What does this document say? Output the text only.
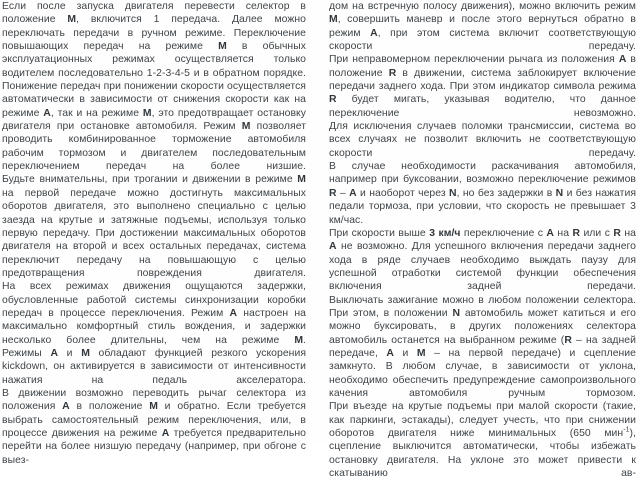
Если после запуска двигателя перевести селектор в положение M, включится 1 передача. Далее можно переключать передачи в ручном режиме. Переключение повышающих передач на режиме M в обычных эксплуатационных режимах осуществляется только водителем последовательно 1-2-3-4-5 и в обратном порядке. Понижение передач при понижении скорости осуществляется автоматически в зависимости от снижения скорости как на режиме A, так и на режиме M, это предотвращает остановку двигателя при остановке автомобиля. Режим M позволяет проводить комбинированное торможение автомобиля рабочим тормозом и двигателем последовательным переключением передач на более низшие.

Будьте внимательны, при трогании и движении в режиме M на первой передаче можно достигнуть максимальных оборотов двигателя, это выполнено специально с целью заезда на крутые и затяжные подъемы, используя только первую передачу. При достижении максимальных оборотов двигателя на второй и всех остальных передачах, система переключит передачу на повышающую с целью предотвращения повреждения двигателя.

На всех режимах движения ощущаются задержки, обусловленные работой системы синхронизации коробки передач в процессе переключения. Режим A настроен на максимально комфортный стиль вождения, и задержки несколько более длительны, чем на режиме M.

Режимы A и M обладают функцией резкого ускорения kickdown, он активируется в зависимости от интенсивности нажатия на педаль акселератора.

В движении возможно переводить рычаг селектора из положения A в положение M и обратно. Если требуется выбрать самостоятельный режим переключения, или, в процессе движения на режиме A требуется предварительно перейти на более низшую передачу (например, при обгоне с выез-

дом на встречную полосу движения), можно включить режим M, совершить маневр и после этого вернуться обратно в режим A, при этом система включит соответствующую скорости передачу.

При неправомерном переключении рычага из положения A в положение R в движении, система заблокирует включение передачи заднего хода. При этом индикатор символа режима R будет мигать, указывая водителю, что данное переключение невозможно.

Для исключения случаев поломки трансмиссии, система во всех случаях не позволит включить не соответствующую скорости передачу.

В случае необходимости раскачивания автомобиля, например при буксовании, возможно переключение режимов R – A и наоборот через N, но без задержки в N и без нажатия педали тормоза, при условии, что скорость не превышает 3 км/час.

При скорости выше 3 км/ч переключение с A на R или с R на A не возможно. Для успешного включения передачи заднего хода в ряде случаев необходимо выждать паузу для успешной отработки системой функции обеспечения включения задней передачи.

Выключать зажигание можно в любом положении селектора. При этом, в положении N автомобиль может катиться и его можно буксировать, в других положениях селектора автомобиль останется на выбранном режиме (R – на задней передаче, A и M – на первой передаче) и сцепление замкнуто. В любом случае, в зависимости от уклона, необходимо обеспечить предупреждение самопроизвольного качения автомобиля ручным тормозом.

При въезде на крутые подъемы при малой скорости (такие, как паркинги, эстакады), следует учесть, что при снижении оборотов двигателя ниже минимальных (650 мин$^{-1}$), сцепление выключится автоматически, чтобы избежать остановку двигателя. На уклоне это может привести к скатыванию ав-
